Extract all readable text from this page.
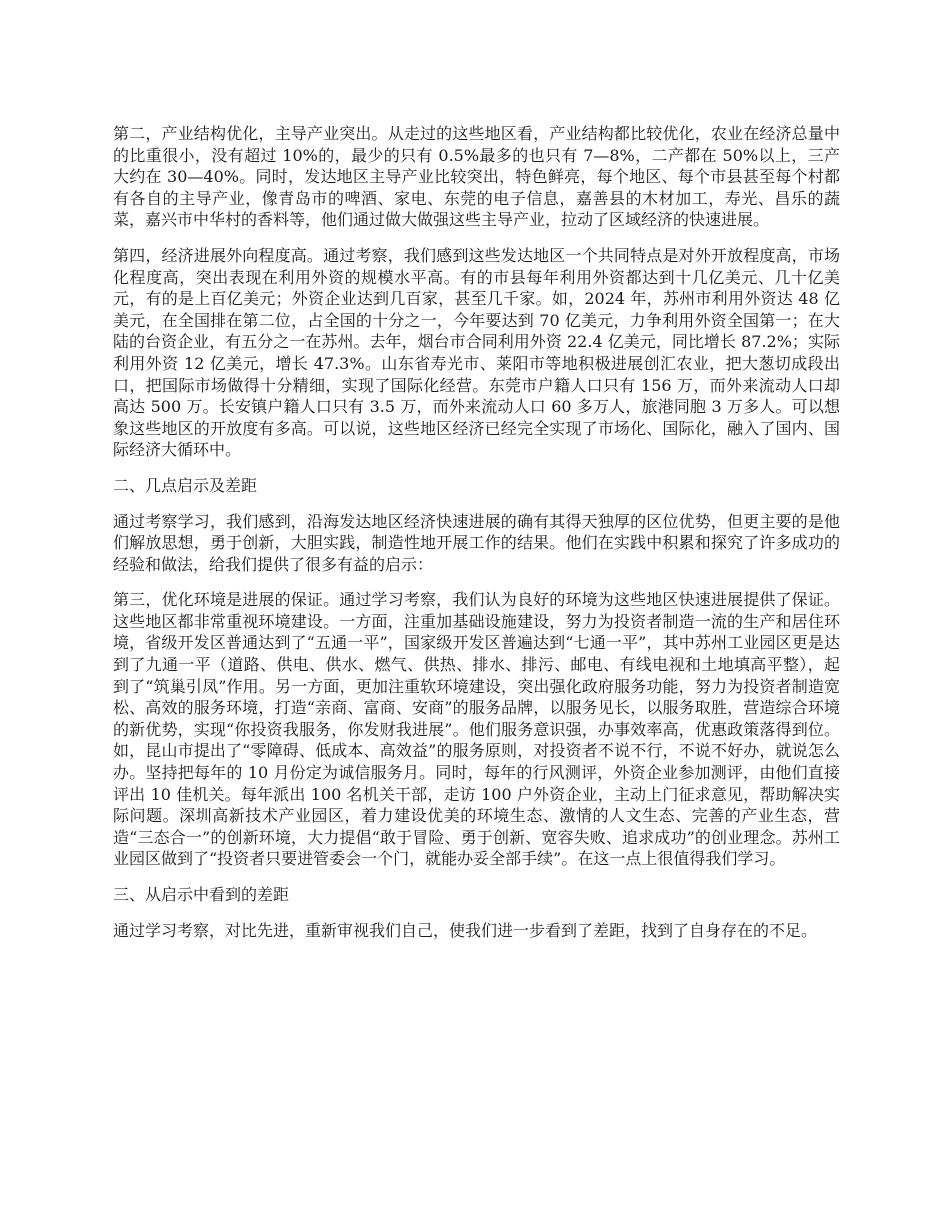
第二，产业结构优化，主导产业突出。从走过的这些地区看，产业结构都比较优化，农业在经济总量中的比重很小，没有超过 10%的，最少的只有 0.5%最多的也只有 7—8%，二产都在 50%以上，三产大约在 30—40%。同时，发达地区主导产业比较突出，特色鲜亮，每个地区、每个市县甚至每个村都有各自的主导产业，像青岛市的啤酒、家电、东莞的电子信息，嘉善县的木材加工，寿光、昌乐的蔬菜，嘉兴市中华村的香料等，他们通过做大做强这些主导产业，拉动了区域经济的快速进展。

第四，经济进展外向程度高。通过考察，我们感到这些发达地区一个共同特点是对外开放程度高，市场化程度高，突出表现在利用外资的规模水平高。有的市县每年利用外资都达到十几亿美元、几十亿美元，有的是上百亿美元；外资企业达到几百家，甚至几千家。如，2024 年，苏州市利用外资达 48 亿美元，在全国排在第二位，占全国的十分之一，今年要达到 70 亿美元，力争利用外资全国第一；在大陆的台资企业，有五分之一在苏州。去年，烟台市合同利用外资 22.4 亿美元，同比增长 87.2%；实际利用外资 12 亿美元，增长 47.3%。山东省寿光市、莱阳市等地积极进展创汇农业，把大葱切成段出口，把国际市场做得十分精细，实现了国际化经营。东莞市户籍人口只有 156 万，而外来流动人口却高达 500 万。长安镇户籍人口只有 3.5 万，而外来流动人口 60 多万人，旅港同胞 3 万多人。可以想象这些地区的开放度有多高。可以说，这些地区经济已经完全实现了市场化、国际化，融入了国内、国际经济大循环中。

二、几点启示及差距

通过考察学习，我们感到，沿海发达地区经济快速进展的确有其得天独厚的区位优势，但更主要的是他们解放思想，勇于创新，大胆实践，制造性地开展工作的结果。他们在实践中积累和探究了许多成功的经验和做法，给我们提供了很多有益的启示：

第三，优化环境是进展的保证。通过学习考察，我们认为良好的环境为这些地区快速进展提供了保证。这些地区都非常重视环境建设。一方面，注重加基础设施建设，努力为投资者制造一流的生产和居住环境，省级开发区普通达到了“五通一平”，国家级开发区普遍达到“七通一平”，其中苏州工业园区更是达到了九通一平（道路、供电、供水、燃气、供热、排水、排污、邮电、有线电视和土地填高平整），起到了“筑巢引凤”作用。另一方面，更加注重软环境建设，突出强化政府服务功能，努力为投资者制造宽松、高效的服务环境，打造“亲商、富商、安商”的服务品牌，以服务见长，以服务取胜，营造综合环境的新优势，实现“你投资我服务，你发财我进展”。他们服务意识强，办事效率高，优惠政策落得到位。如，昆山市提出了“零障碍、低成本、高效益”的服务原则，对投资者不说不行，不说不好办，就说怎么办。坚持把每年的 10 月份定为诚信服务月。同时，每年的行风测评，外资企业参加测评，由他们直接评出 10 佳机关。每年派出 100 名机关干部，走访 100 户外资企业，主动上门征求意见，帮助解决实际问题。深圳高新技术产业园区，着力建设优美的环境生态、激情的人文生态、完善的产业生态，营造“三态合一”的创新环境，大力提倡“敢于冒险、勇于创新、宽容失败、追求成功”的创业理念。苏州工业园区做到了“投资者只要进管委会一个门，就能办妥全部手续”。在这一点上很值得我们学习。

三、从启示中看到的差距

通过学习考察，对比先进，重新审视我们自己，使我们进一步看到了差距，找到了自身存在的不足。
